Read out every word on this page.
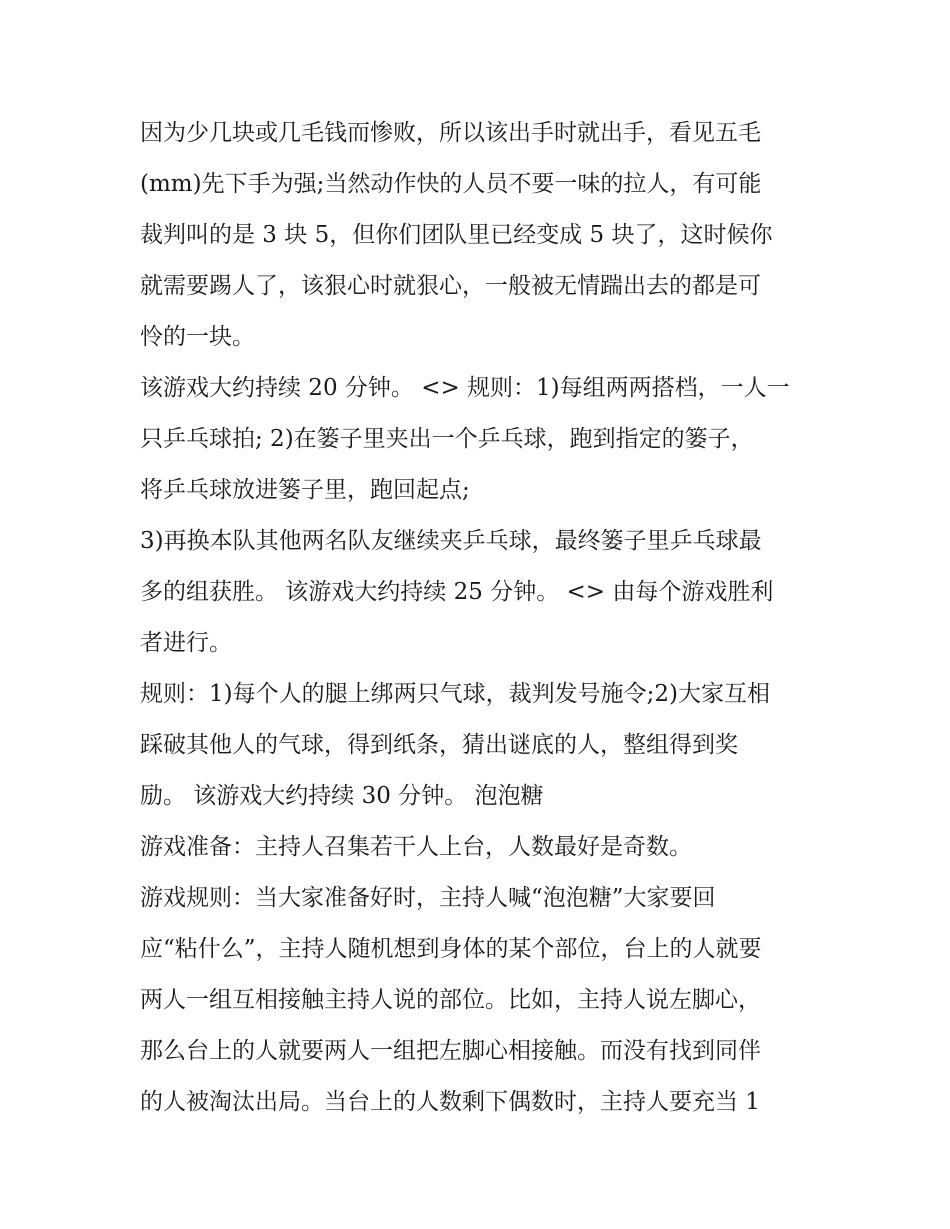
因为少几块或几毛钱而惨败，所以该出手时就出手，看见五毛
(mm)先下手为强;当然动作快的人员不要一味的拉人，有可能
裁判叫的是 3 块 5，但你们团队里已经变成 5 块了，这时候你
就需要踢人了，该狠心时就狠心，一般被无情踹出去的都是可
怜的一块。
该游戏大约持续 20 分钟。 <> 规则：1)每组两两搭档，一人一
只乒乓球拍; 2)在篓子里夹出一个乒乓球，跑到指定的篓子，
将乒乓球放进篓子里，跑回起点;
3)再换本队其他两名队友继续夹乒乓球，最终篓子里乒乓球最
多的组获胜。 该游戏大约持续 25 分钟。 <> 由每个游戏胜利
者进行。
规则：1)每个人的腿上绑两只气球，裁判发号施令;2)大家互相
踩破其他人的气球，得到纸条，猜出谜底的人，整组得到奖
励。 该游戏大约持续 30 分钟。 泡泡糖
游戏准备：主持人召集若干人上台，人数最好是奇数。
游戏规则：当大家准备好时，主持人喊“泡泡糖”大家要回
应“粘什么”，主持人随机想到身体的某个部位，台上的人就要
两人一组互相接触主持人说的部位。比如，主持人说左脚心，
那么台上的人就要两人一组把左脚心相接触。而没有找到同伴
的人被淘汰出局。当台上的人数剩下偶数时，主持人要充当 1
